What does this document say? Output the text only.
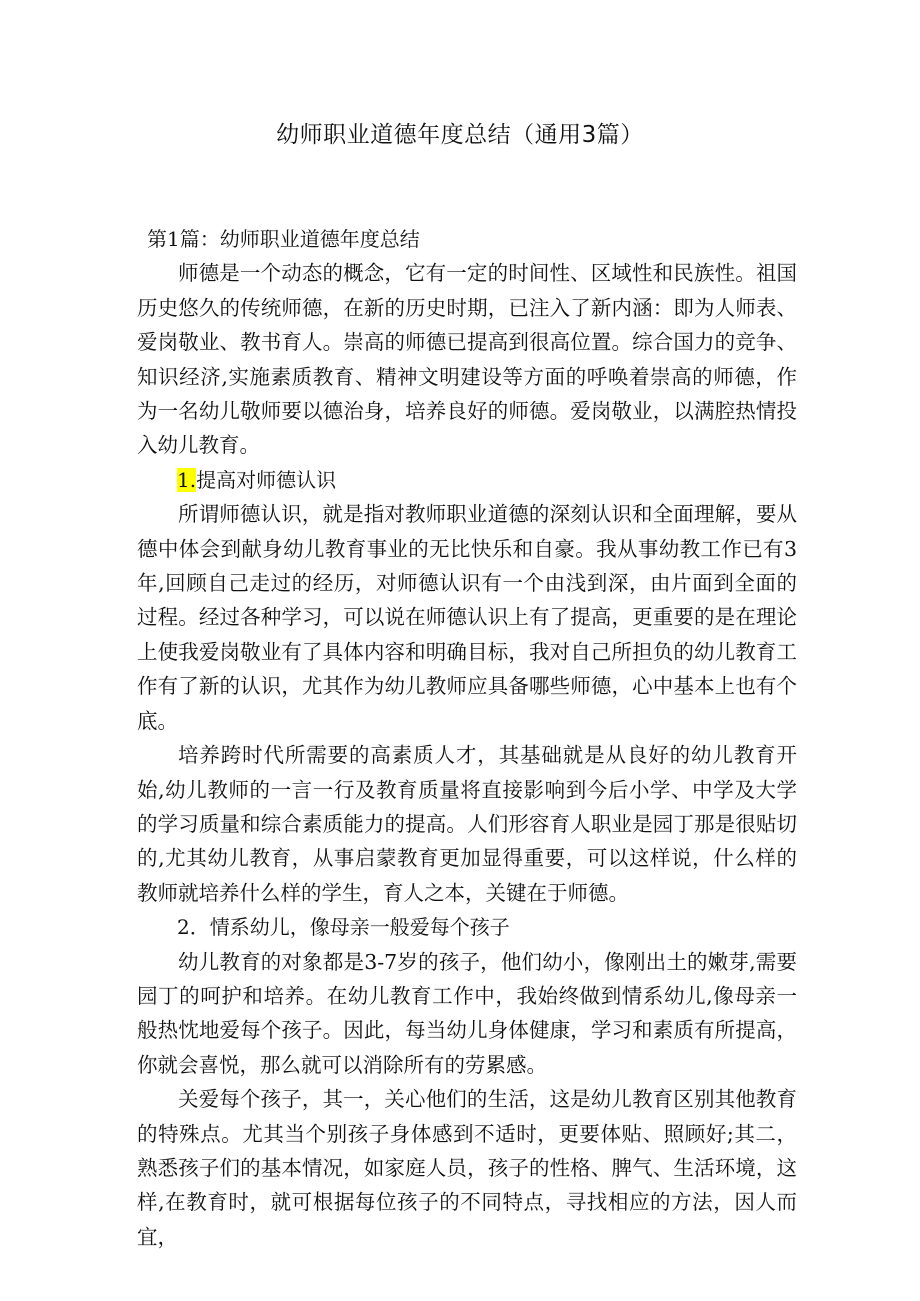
幼师职业道德年度总结（通用3篇）

第1篇：幼师职业道德年度总结

师德是一个动态的概念，它有一定的时间性、区域性和民族性。祖国历史悠久的传统师德，在新的历史时期，已注入了新内涵：即为人师表、爱岗敬业、教书育人。崇高的师德已提高到很高位置。综合国力的竞争、知识经济,实施素质教育、精神文明建设等方面的呼唤着崇高的师德，作为一名幼儿敬师要以德治身，培养良好的师德。爱岗敬业，以满腔热情投入幼儿教育。

1.提高对师德认识

所谓师德认识，就是指对教师职业道德的深刻认识和全面理解，要从德中体会到献身幼儿教育事业的无比快乐和自豪。我从事幼教工作已有3年,回顾自己走过的经历，对师德认识有一个由浅到深，由片面到全面的过程。经过各种学习，可以说在师德认识上有了提高，更重要的是在理论上使我爱岗敬业有了具体内容和明确目标，我对自己所担负的幼儿教育工作有了新的认识，尤其作为幼儿教师应具备哪些师德，心中基本上也有个底。

培养跨时代所需要的高素质人才，其基础就是从良好的幼儿教育开始,幼儿教师的一言一行及教育质量将直接影响到今后小学、中学及大学的学习质量和综合素质能力的提高。人们形容育人职业是园丁那是很贴切的,尤其幼儿教育，从事启蒙教育更加显得重要，可以这样说，什么样的教师就培养什么样的学生，育人之本，关键在于师德。

2．情系幼儿，像母亲一般爱每个孩子

幼儿教育的对象都是3-7岁的孩子，他们幼小，像刚出土的嫩芽,需要园丁的呵护和培养。在幼儿教育工作中，我始终做到情系幼儿,像母亲一般热忱地爱每个孩子。因此，每当幼儿身体健康，学习和素质有所提高，你就会喜悦，那么就可以消除所有的劳累感。

关爱每个孩子，其一，关心他们的生活，这是幼儿教育区别其他教育的特殊点。尤其当个别孩子身体感到不适时，更要体贴、照顾好;其二，熟悉孩子们的基本情况，如家庭人员，孩子的性格、脾气、生活环境，这样,在教育时，就可根据每位孩子的不同特点，寻找相应的方法，因人而宜，
